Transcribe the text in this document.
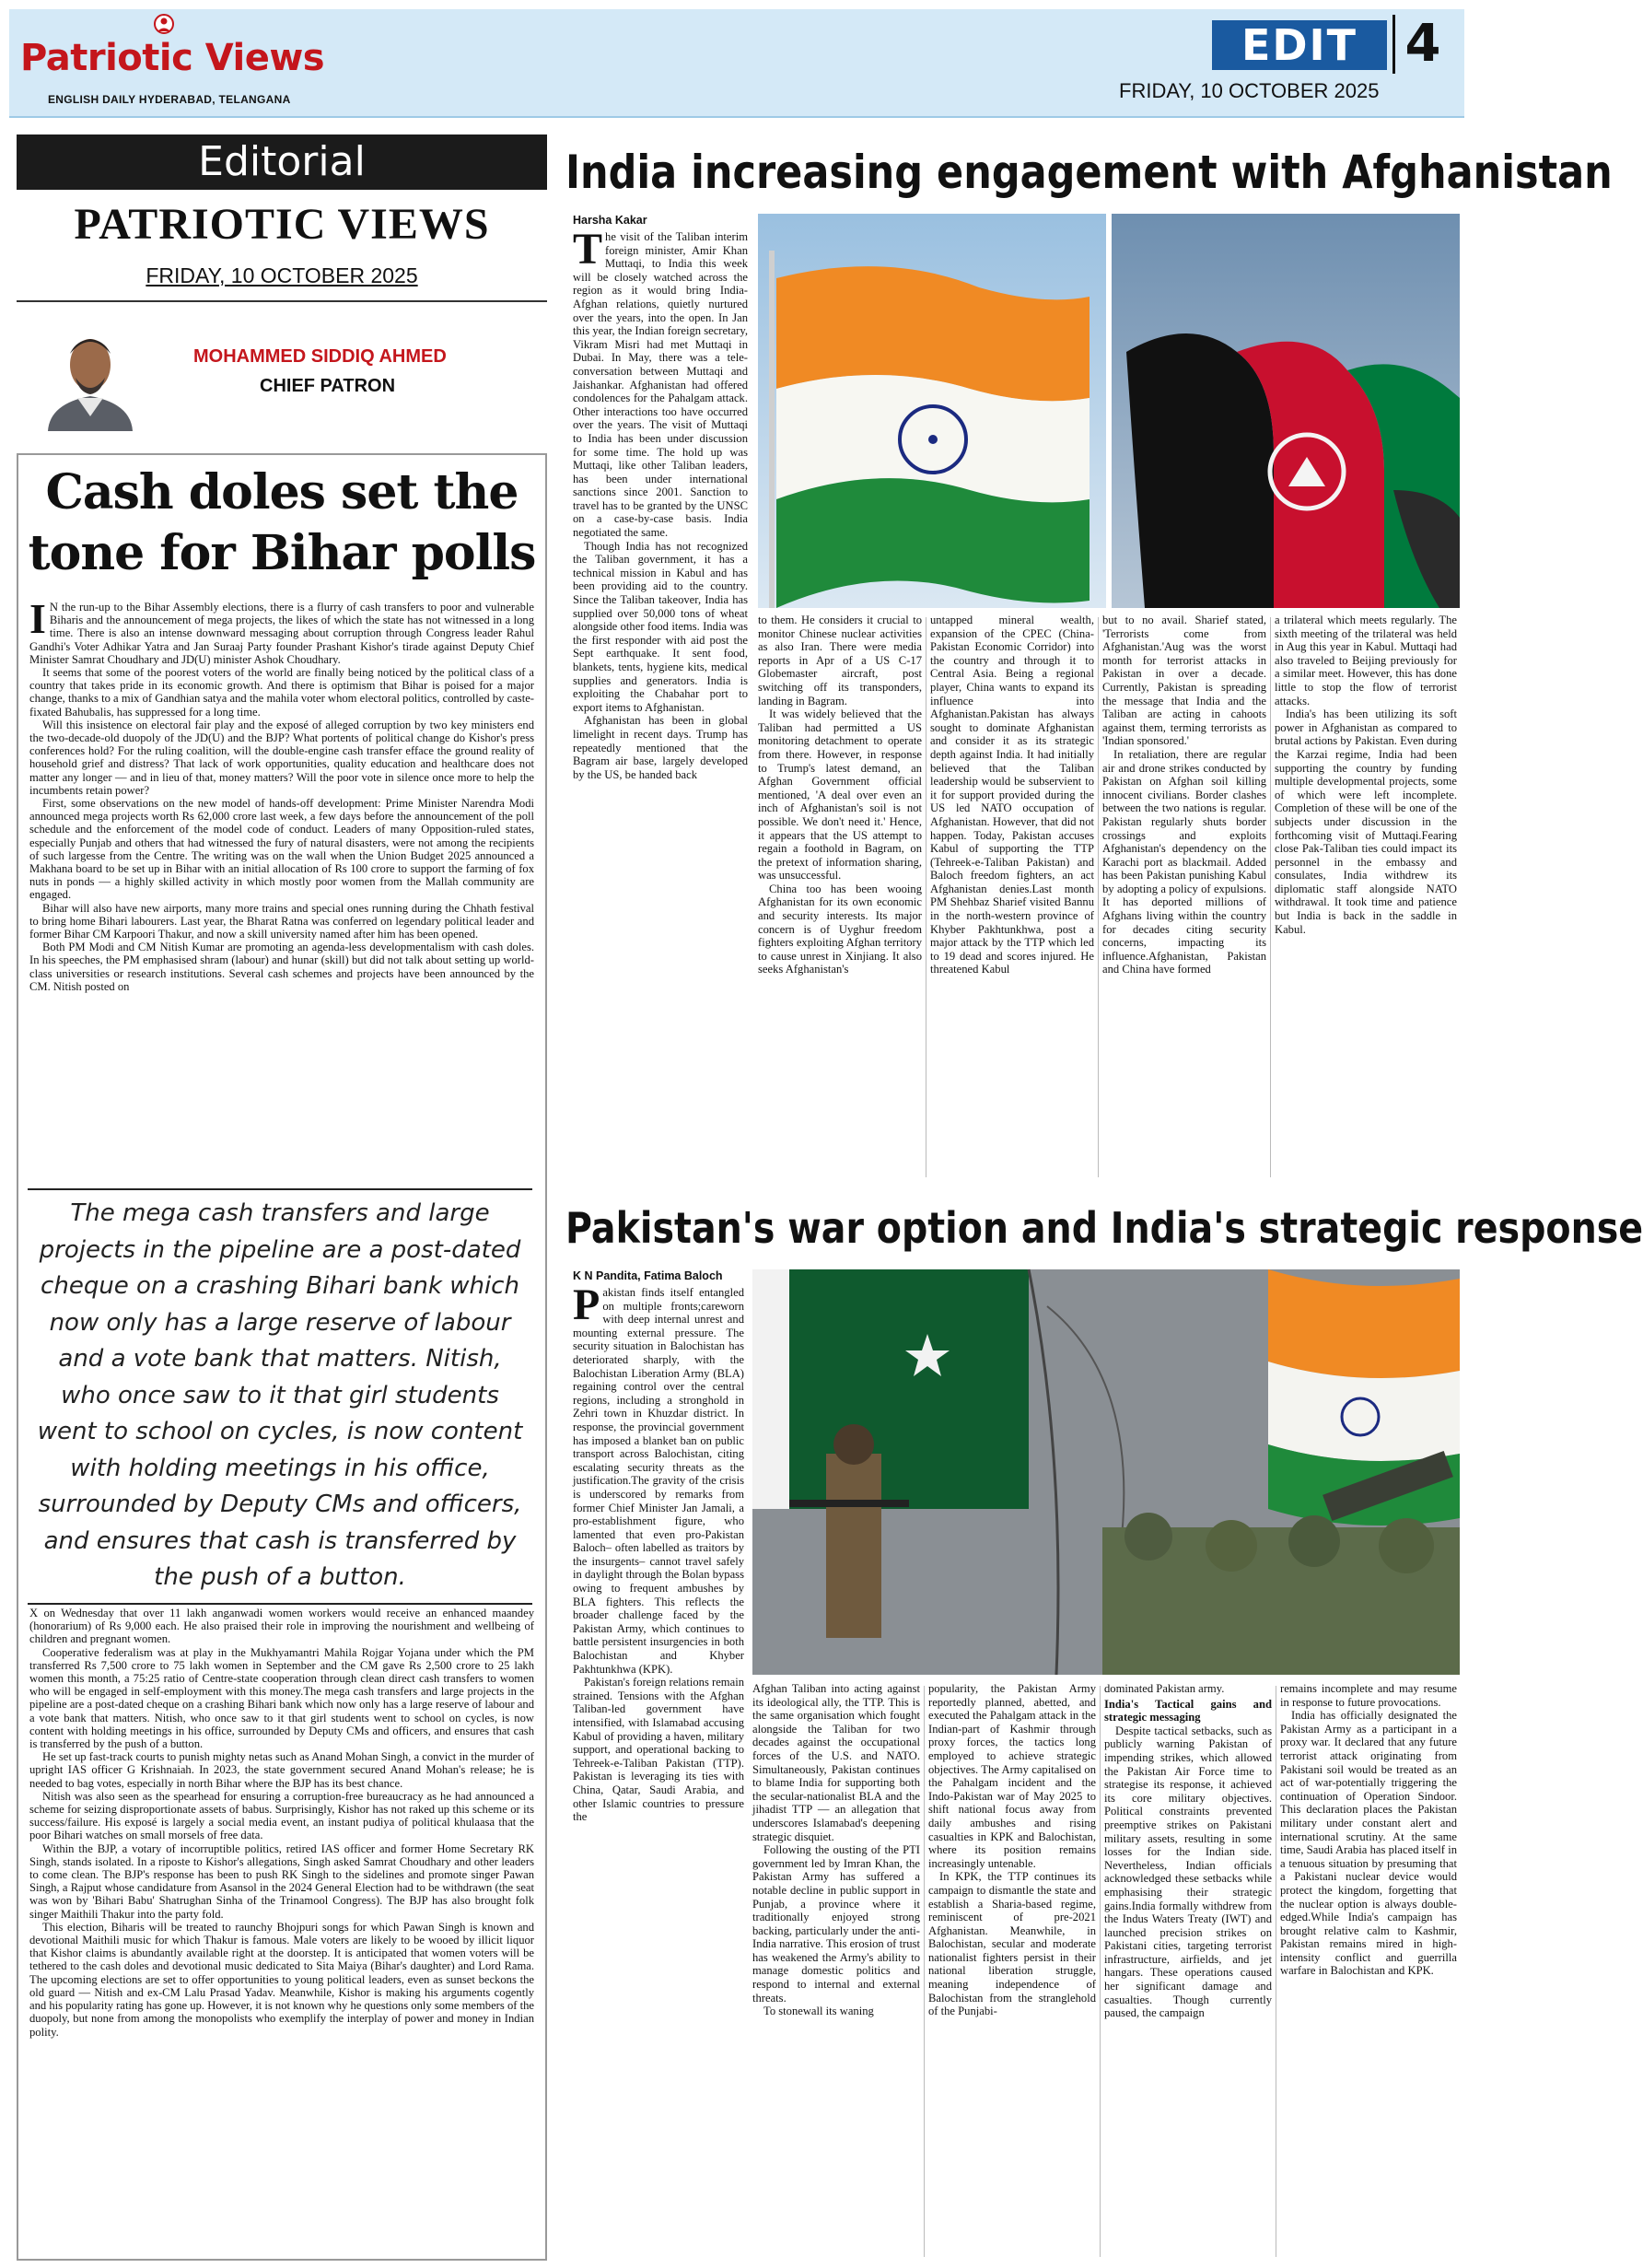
Patriotic Views
ENGLISH DAILY HYDERABAD, TELANGANA
EDIT 4
FRIDAY, 10 OCTOBER 2025
Editorial
PATRIOTIC VIEWS
FRIDAY, 10 OCTOBER 2025
MOHAMMED SIDDIQ AHMED
CHIEF PATRON
Cash doles set the tone for Bihar polls

I N the run-up to the Bihar Assembly elections, there is a flurry of cash transfers to poor and vulnerable Biharis and the announcement of mega projects, the likes of which the state has not witnessed in a long time. There is also an intense downward messaging about corruption through Congress leader Rahul Gandhi's Voter Adhikar Yatra and Jan Suraaj Party founder Prashant Kishor's tirade against Deputy Chief Minister Samrat Choudhary and JD(U) minister Ashok Choudhary.

It seems that some of the poorest voters of the world are finally being noticed by the political class of a country that takes pride in its economic growth. And there is optimism that Bihar is poised for a major change, thanks to a mix of Gandhian satya and the mahila voter whom electoral politics, controlled by caste-fixated Bahubalis, has suppressed for a long time.

Will this insistence on electoral fair play and the exposé of alleged corruption by two key ministers end the two-decade-old duopoly of the JD(U) and the BJP? What portents of political change do Kishor's press conferences hold? For the ruling coalition, will the double-engine cash transfer efface the ground reality of household grief and distress? That lack of work opportunities, quality education and healthcare does not matter any longer — and in lieu of that, money matters? Will the poor vote in silence once more to help the incumbents retain power?

First, some observations on the new model of hands-off development: Prime Minister Narendra Modi announced mega projects worth Rs 62,000 crore last week, a few days before the announcement of the poll schedule and the enforcement of the model code of conduct. Leaders of many Opposition-ruled states, especially Punjab and others that had witnessed the fury of natural disasters, were not among the recipients of such largesse from the Centre. The writing was on the wall when the Union Budget 2025 announced a Makhana board to be set up in Bihar with an initial allocation of Rs 100 crore to support the farming of fox nuts in ponds — a highly skilled activity in which mostly poor women from the Mallah community are engaged.

Bihar will also have new airports, many more trains and special ones running during the Chhath festival to bring home Bihari labourers. Last year, the Bharat Ratna was conferred on legendary political leader and former Bihar CM Karpoori Thakur, and now a skill university named after him has been opened.

Both PM Modi and CM Nitish Kumar are promoting an agenda-less developmentalism with cash doles. In his speeches, the PM emphasised shram (labour) and hunar (skill) but did not talk about setting up world-class universities or research institutions. Several cash schemes and projects have been announced by the CM. Nitish posted on

The mega cash transfers and large projects in the pipeline are a post-dated cheque on a crashing Bihari bank which now only has a large reserve of labour and a vote bank that matters. Nitish, who once saw to it that girl students went to school on cycles, is now content with holding meetings in his office, surrounded by Deputy CMs and officers, and ensures that cash is transferred by the push of a button.

X on Wednesday that over 11 lakh anganwadi women workers would receive an enhanced maandey (honorarium) of Rs 9,000 each. He also praised their role in improving the nourishment and wellbeing of children and pregnant women.

Cooperative federalism was at play in the Mukhyamantri Mahila Rojgar Yojana under which the PM transferred Rs 7,500 crore to 75 lakh women in September and the CM gave Rs 2,500 crore to 25 lakh women this month, a 75:25 ratio of Centre-state cooperation through clean direct cash transfers to women who will be engaged in self-employment with this money.The mega cash transfers and large projects in the pipeline are a post-dated cheque on a crashing Bihari bank which now only has a large reserve of labour and a vote bank that matters. Nitish, who once saw to it that girl students went to school on cycles, is now content with holding meetings in his office, surrounded by Deputy CMs and officers, and ensures that cash is transferred by the push of a button.

He set up fast-track courts to punish mighty netas such as Anand Mohan Singh, a convict in the murder of upright IAS officer G Krishnaiah. In 2023, the state government secured Anand Mohan's release; he is needed to bag votes, especially in north Bihar where the BJP has its best chance.

Nitish was also seen as the spearhead for ensuring a corruption-free bureaucracy as he had announced a scheme for seizing disproportionate assets of babus. Surprisingly, Kishor has not raked up this scheme or its success/failure. His exposé is largely a social media event, an instant pudiya of political khulaasa that the poor Bihari watches on small morsels of free data.

Within the BJP, a votary of incorruptible politics, retired IAS officer and former Home Secretary RK Singh, stands isolated. In a riposte to Kishor's allegations, Singh asked Samrat Choudhary and other leaders to come clean. The BJP's response has been to push RK Singh to the sidelines and promote singer Pawan Singh, a Rajput whose candidature from Asansol in the 2024 General Election had to be withdrawn (the seat was won by 'Bihari Babu' Shatrughan Sinha of the Trinamool Congress). The BJP has also brought folk singer Maithili Thakur into the party fold.

This election, Biharis will be treated to raunchy Bhojpuri songs for which Pawan Singh is known and devotional Maithili music for which Thakur is famous. Male voters are likely to be wooed by illicit liquor that Kishor claims is abundantly available right at the doorstep. It is anticipated that women voters will be tethered to the cash doles and devotional music dedicated to Sita Maiya (Bihar's daughter) and Lord Rama. The upcoming elections are set to offer opportunities to young political leaders, even as sunset beckons the old guard — Nitish and ex-CM Lalu Prasad Yadav. Meanwhile, Kishor is making his arguments cogently and his popularity rating has gone up. However, it is not known why he questions only some members of the duopoly, but none from among the monopolists who exemplify the interplay of power and money in Indian polity.

India increasing engagement with Afghanistan
Harsha Kakar

The visit of the Taliban interim foreign minister, Amir Khan Muttaqi, to India this week will be closely watched across the region as it would bring India-Afghan relations, quietly nurtured over the years, into the open. In Jan this year, the Indian foreign secretary, Vikram Misri had met Muttaqi in Dubai. In May, there was a tele-conversation between Muttaqi and Jaishankar. Afghanistan had offered condolences for the Pahalgam attack. Other interactions too have occurred over the years. The visit of Muttaqi to India has been under discussion for some time. The hold up was Muttaqi, like other Taliban leaders, has been under international sanctions since 2001. Sanction to travel has to be granted by the UNSC on a case-by-case basis. India negotiated the same.

Though India has not recognized the Taliban government, it has a technical mission in Kabul and has been providing aid to the country. Since the Taliban takeover, India has supplied over 50,000 tons of wheat alongside other food items. India was the first responder with aid post the Sept earthquake. It sent food, blankets, tents, hygiene kits, medical supplies and generators. India is exploiting the Chabahar port to export items to Afghanistan.

Afghanistan has been in global limelight in recent days. Trump has repeatedly mentioned that the Bagram air base, largely developed by the US, be handed back

to them. He considers it crucial to monitor Chinese nuclear activities as also Iran. There were media reports in Apr of a US C-17 Globemaster aircraft, post switching off its transponders, landing in Bagram.

It was widely believed that the Taliban had permitted a US monitoring detachment to operate from there. However, in response to Trump's latest demand, an Afghan Government official mentioned, 'A deal over even an inch of Afghanistan's soil is not possible. We don't need it.' Hence, it appears that the US attempt to regain a foothold in Bagram, on the pretext of information sharing, was unsuccessful.

China too has been wooing Afghanistan for its own economic and security interests. Its major concern is of Uyghur freedom fighters exploiting Afghan territory to cause unrest in Xinjiang. It also seeks Afghanistan's

untapped mineral wealth, expansion of the CPEC (China-Pakistan Economic Corridor) into the country and through it to Central Asia. Being a regional player, China wants to expand its influence into Afghanistan.Pakistan has always sought to dominate Afghanistan and consider it as its strategic depth against India. It had initially believed that the Taliban leadership would be subservient to it for support provided during the US led NATO occupation of Afghanistan. However, that did not happen. Today, Pakistan accuses Kabul of supporting the TTP (Tehreek-e-Taliban Pakistan) and Baloch freedom fighters, an act Afghanistan denies.Last month PM Shehbaz Sharief visited Bannu in the north-western province of Khyber Pakhtunkhwa, post a major attack by the TTP which led to 19 dead and scores injured. He threatened Kabul

but to no avail. Sharief stated, 'Terrorists come from Afghanistan.'Aug was the worst month for terrorist attacks in Pakistan in over a decade. Currently, Pakistan is spreading the message that India and the Taliban are acting in cahoots against them, terming terrorists as 'Indian sponsored.'

In retaliation, there are regular air and drone strikes conducted by Pakistan on Afghan soil killing innocent civilians. Border clashes between the two nations is regular. Pakistan regularly shuts border crossings and exploits Afghanistan's dependency on the Karachi port as blackmail. Added has been Pakistan punishing Kabul by adopting a policy of expulsions. It has deported millions of Afghans living within the country for decades citing security concerns, impacting its influence.Afghanistan, Pakistan and China have formed

a trilateral which meets regularly. The sixth meeting of the trilateral was held in Aug this year in Kabul. Muttaqi had also traveled to Beijing previously for a similar meet. However, this has done little to stop the flow of terrorist attacks.

India's has been utilizing its soft power in Afghanistan as compared to brutal actions by Pakistan. Even during the Karzai regime, India had been supporting the country by funding multiple developmental projects, some of which were left incomplete. Completion of these will be one of the subjects under discussion in the forthcoming visit of Muttaqi.Fearing close Pak-Taliban ties could impact its personnel in the embassy and consulates, India withdrew its diplomatic staff alongside NATO withdrawal. It took time and patience but India is back in the saddle in Kabul.

Pakistan's war option and India's strategic response
K N Pandita, Fatima Baloch

Pakistan finds itself entangled on multiple fronts;careworn with deep internal unrest and mounting external pressure. The security situation in Balochistan has deteriorated sharply, with the Balochistan Liberation Army (BLA) regaining control over the central regions, including a stronghold in Zehri town in Khuzdar district. In response, the provincial government has imposed a blanket ban on public transport across Balochistan, citing escalating security threats as the justification.The gravity of the crisis is underscored by remarks from former Chief Minister Jan Jamali, a pro-establishment figure, who lamented that even pro-Pakistan Baloch– often labelled as traitors by the insurgents– cannot travel safely in daylight through the Bolan bypass owing to frequent ambushes by BLA fighters. This reflects the broader challenge faced by the Pakistan Army, which continues to battle persistent insurgencies in both Balochistan and Khyber Pakhtunkhwa (KPK).

Pakistan's foreign relations remain strained. Tensions with the Afghan Taliban-led government have intensified, with Islamabad accusing Kabul of providing a haven, military support, and operational backing to Tehreek-e-Taliban Pakistan (TTP). Pakistan is leveraging its ties with China, Qatar, Saudi Arabia, and other Islamic countries to pressure the

Afghan Taliban into acting against its ideological ally, the TTP. This is the same organisation which fought alongside the Taliban for two decades against the occupational forces of the U.S. and NATO. Simultaneously, Pakistan continues to blame India for supporting both the secular-nationalist BLA and the jihadist TTP — an allegation that underscores Islamabad's deepening strategic disquiet.

Following the ousting of the PTI government led by Imran Khan, the Pakistan Army has suffered a notable decline in public support in Punjab, a province where it traditionally enjoyed strong backing, particularly under the anti-India narrative. This erosion of trust has weakened the Army's ability to manage domestic politics and respond to internal and external threats.

To stonewall its waning

popularity, the Pakistan Army reportedly planned, abetted, and executed the Pahalgam attack in the Indian-part of Kashmir through proxy forces, the tactics long employed to achieve strategic objectives. The Army capitalised on the Pahalgam incident and the Indo-Pakistan war of May 2025 to shift national focus away from daily ambushes and rising casualties in KPK and Balochistan, where its position remains increasingly untenable.

In KPK, the TTP continues its campaign to dismantle the state and establish a Sharia-based regime, reminiscent of pre-2021 Afghanistan. Meanwhile, in Balochistan, secular and moderate nationalist fighters persist in their national liberation struggle, meaning independence of Balochistan from the stranglehold of the Punjabi-

dominated Pakistan army.

India's Tactical gains and strategic messaging

Despite tactical setbacks, such as publicly warning Pakistan of impending strikes, which allowed the Pakistan Air Force time to strategise its response, it achieved its core military objectives. Political constraints prevented preemptive strikes on Pakistani military assets, resulting in some losses for the Indian side. Nevertheless, Indian officials acknowledged these setbacks while emphasising their strategic gains.India formally withdrew from the Indus Waters Treaty (IWT) and launched precision strikes on Pakistani cities, targeting terrorist infrastructure, airfields, and jet hangars. These operations caused her significant damage and casualties. Though currently paused, the campaign

remains incomplete and may resume in response to future provocations.

India has officially designated the Pakistan Army as a participant in a proxy war. It declared that any future terrorist attack originating from Pakistani soil would be treated as an act of war-potentially triggering the continuation of Operation Sindoor. This declaration places the Pakistan military under constant alert and international scrutiny. At the same time, Saudi Arabia has placed itself in a tenuous situation by presuming that a Pakistani nuclear device would protect the kingdom, forgetting that the nuclear option is always double-edged.While India's campaign has brought relative calm to Kashmir, Pakistan remains mired in high-intensity conflict and guerrilla warfare in Balochistan and KPK.
